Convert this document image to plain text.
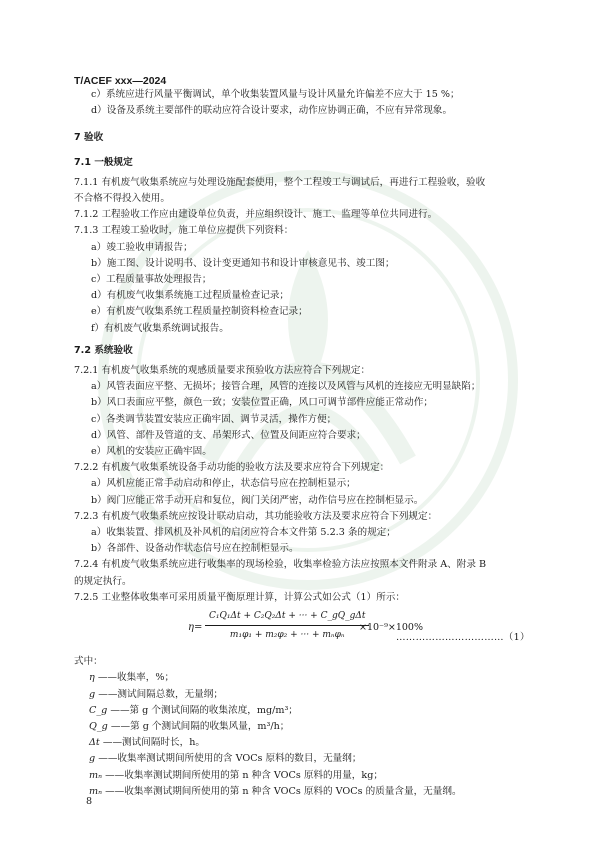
T/ACEF xxx—2024

c）系统应进行风量平衡调试，单个收集装置风量与设计风量允许偏差不应大于 15 %；

d）设备及系统主要部件的联动应符合设计要求，动作应协调正确，不应有异常现象。

7 验收

7.1 一般规定

7.1.1 有机废气收集系统应与处理设施配套使用，整个工程竣工与调试后，再进行工程验收，验收

不合格不得投入使用。

7.1.2 工程验收工作应由建设单位负责，并应组织设计、施工、监理等单位共同进行。

7.1.3 工程竣工验收时，施工单位应提供下列资料：

a）竣工验收申请报告；

b）施工图、设计说明书、设计变更通知书和设计审核意见书、竣工图；

c）工程质量事故处理报告；

d）有机废气收集系统施工过程质量检查记录；

e）有机废气收集系统工程质量控制资料检查记录；

f）有机废气收集系统调试报告。

7.2 系统验收

7.2.1 有机废气收集系统的观感质量要求预验收方法应符合下列规定：

a）风管表面应平整、无损坏；接管合理，风管的连接以及风管与风机的连接应无明显缺陷；

b）风口表面应平整，颜色一致；安装位置正确，风口可调节部件应能正常动作；

c）各类调节装置安装应正确牢固、调节灵活，操作方便；

d）风管、部件及管道的支、吊架形式、位置及间距应符合要求；

e）风机的安装应正确牢固。

7.2.2 有机废气收集系统设备手动功能的验收方法及要求应符合下列规定：

a）风机应能正常手动启动和停止，状态信号应在控制柜显示；

b）阀门应能正常手动开启和复位，阀门关闭严密，动作信号应在控制柜显示。

7.2.3 有机废气收集系统应按设计联动启动，其功能验收方法及要求应符合下列规定：

a）收集装置、排风机及补风机的启闭应符合本文件第 5.2.3 条的规定；

b）各部件、设备动作状态信号应在控制柜显示。

7.2.4 有机废气收集系统应进行收集率的现场检验，收集率检验方法应按照本文件附录 A、附录 B

的规定执行。

7.2.5 工业整体收集率可采用质量平衡原理计算，计算公式如公式（1）所示：

η=
C₁Q₁Δt + C₂Q₂Δt + ··· + C_gQ_gΔt
m₁φ₁ + m₂φ₂ + ··· + mₙφₙ
×10⁻⁹×100%
……………………………（1）

式中：

η ——收集率，%；

g ——测试间隔总数，无量纲；

C_g ——第 g 个测试间隔的收集浓度，mg/m³；

Q_g ——第 g 个测试间隔的收集风量，m³/h；

Δt ——测试间隔时长，h。

g ——收集率测试期间所使用的含 VOCs 原料的数目，无量纲；

mₙ ——收集率测试期间所使用的第 n 种含 VOCs 原料的用量，kg；

mₙ ——收集率测试期间所使用的第 n 种含 VOCs 原料的 VOCs 的质量含量，无量纲。

8
